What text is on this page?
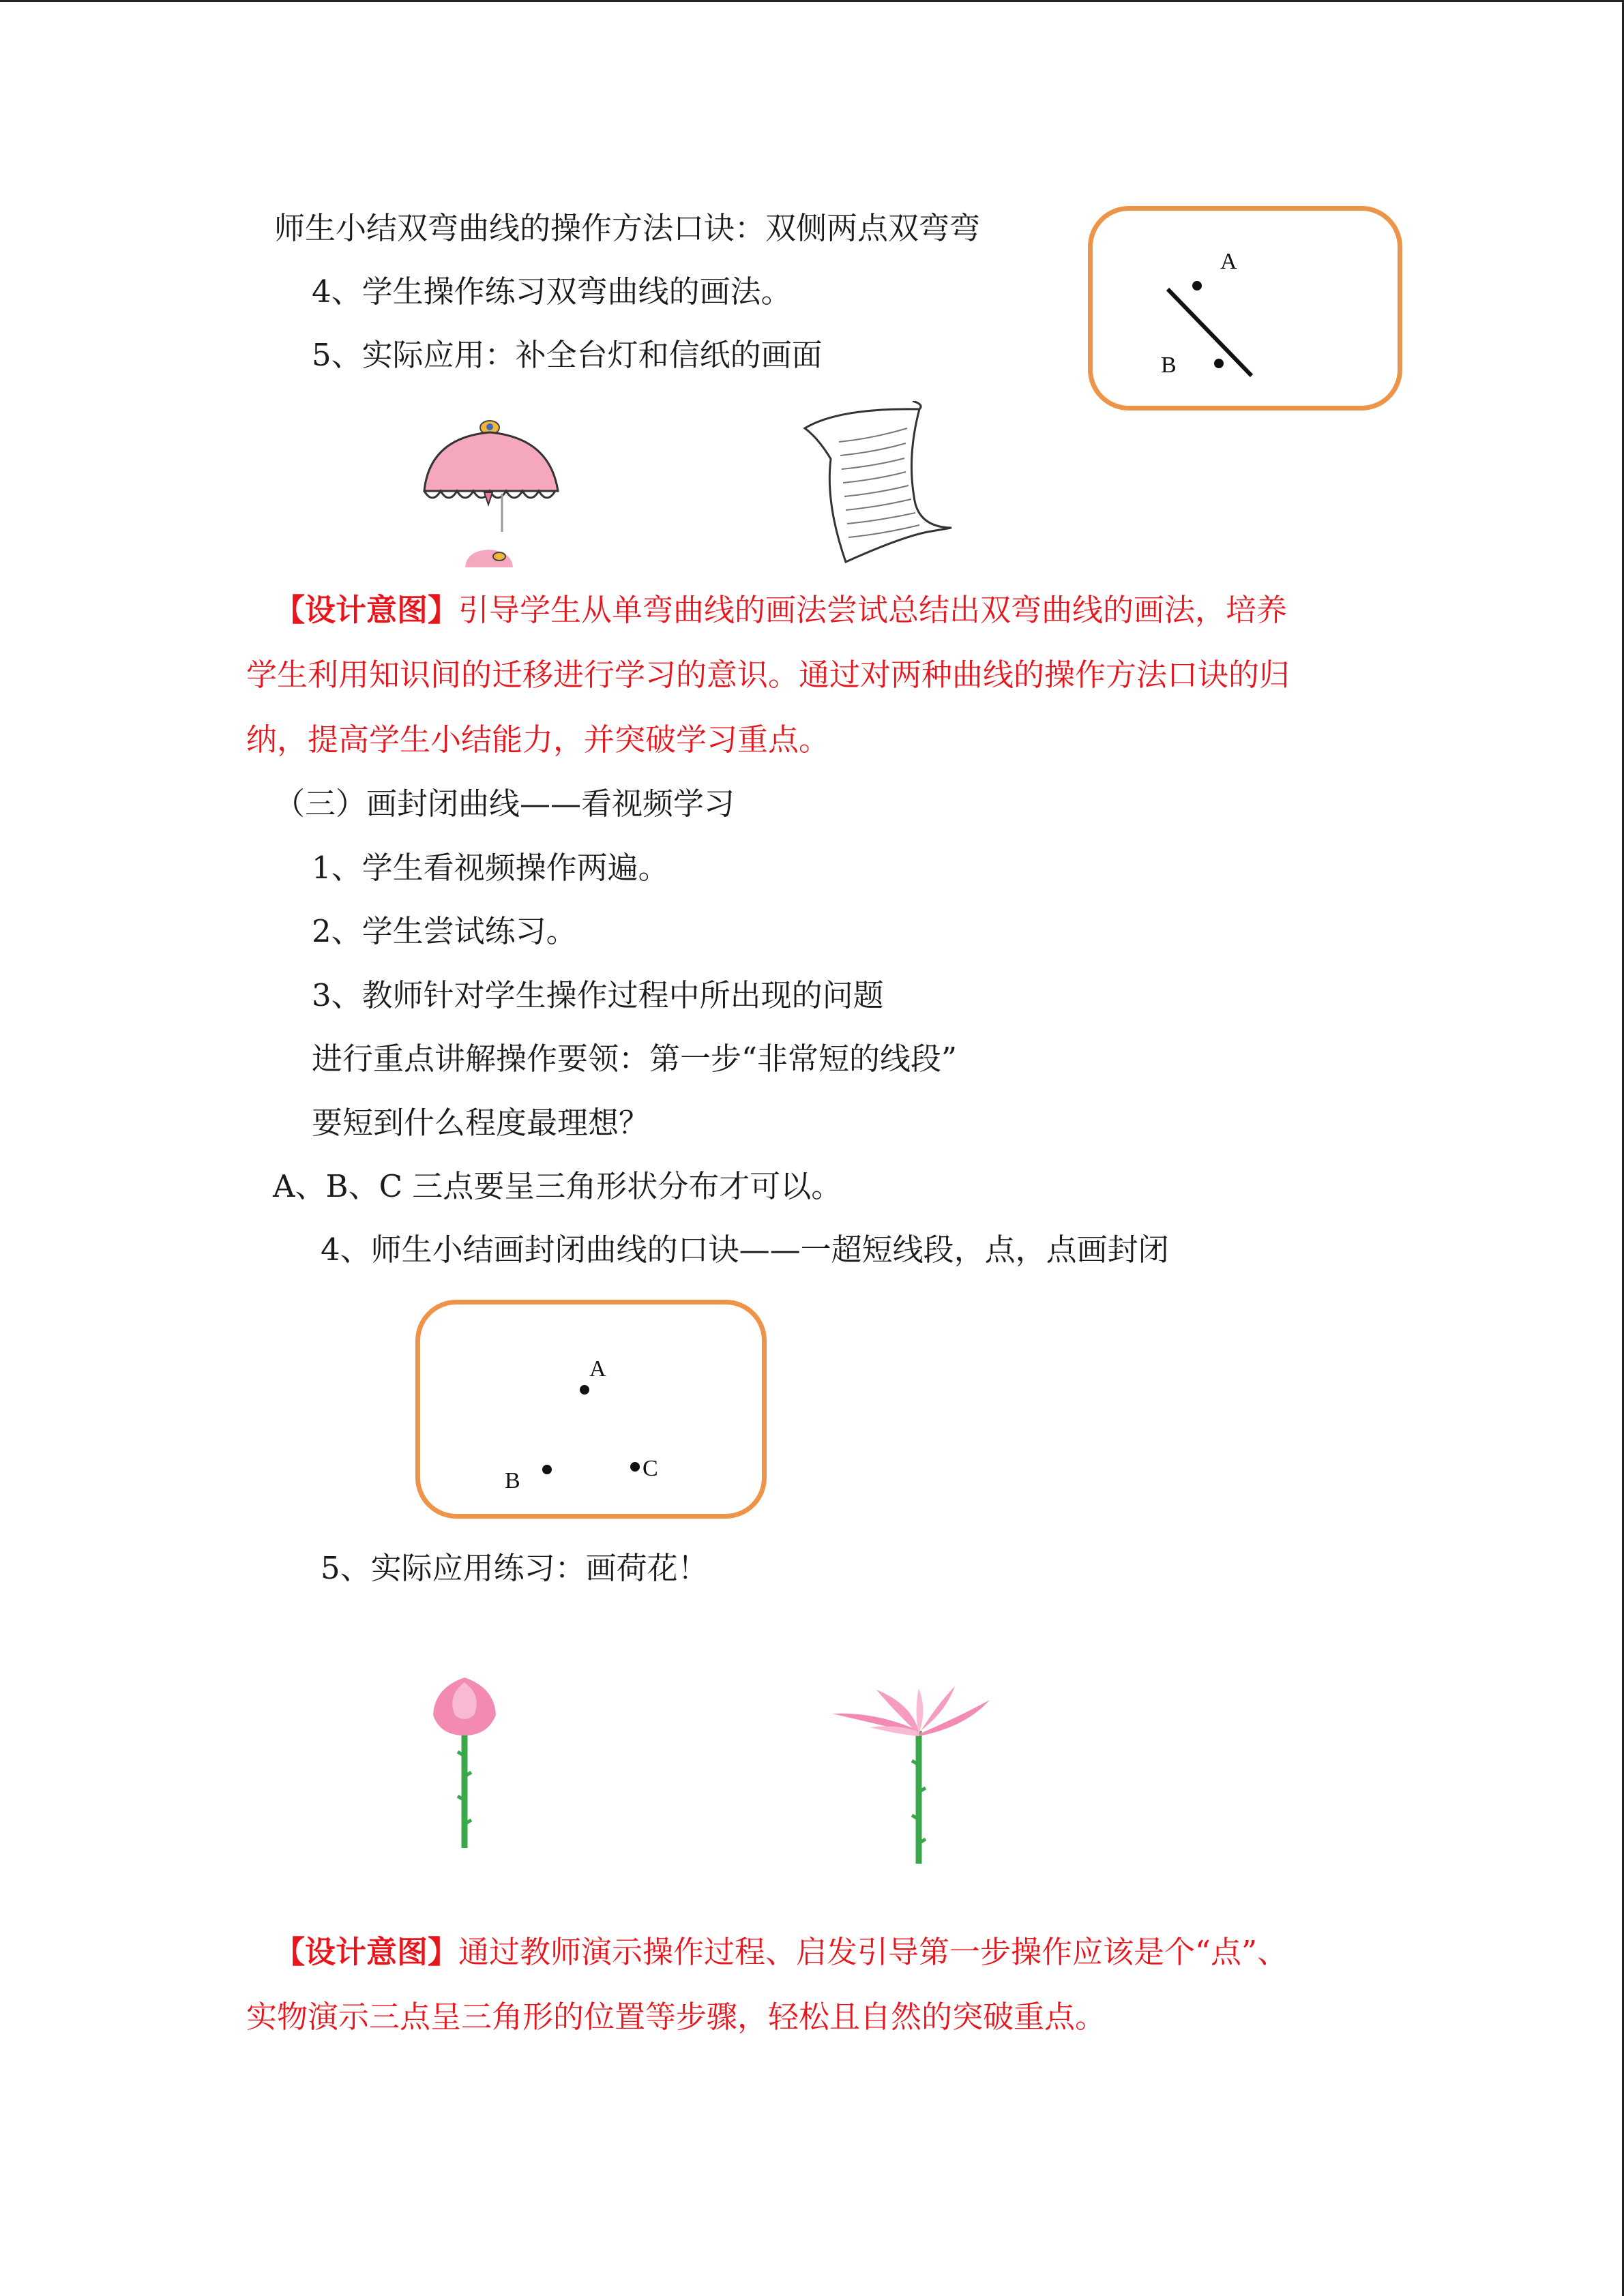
师生小结双弯曲线的操作方法口诀：双侧两点双弯弯
4、学生操作练习双弯曲线的画法。
5、实际应用：补全台灯和信纸的画面
A
B
【设计意图】引导学生从单弯曲线的画法尝试总结出双弯曲线的画法，培养
学生利用知识间的迁移进行学习的意识。通过对两种曲线的操作方法口诀的归
纳，提高学生小结能力，并突破学习重点。
（三）画封闭曲线——看视频学习
1、学生看视频操作两遍。
2、学生尝试练习。
3、教师针对学生操作过程中所出现的问题
进行重点讲解操作要领：第一步“非常短的线段”
要短到什么程度最理想？
A、B、C 三点要呈三角形状分布才可以。
4、师生小结画封闭曲线的口诀——一超短线段，点，点画封闭
A
B	C
5、实际应用练习：画荷花！
【设计意图】通过教师演示操作过程、启发引导第一步操作应该是个“点”、
实物演示三点呈三角形的位置等步骤，轻松且自然的突破重点。
